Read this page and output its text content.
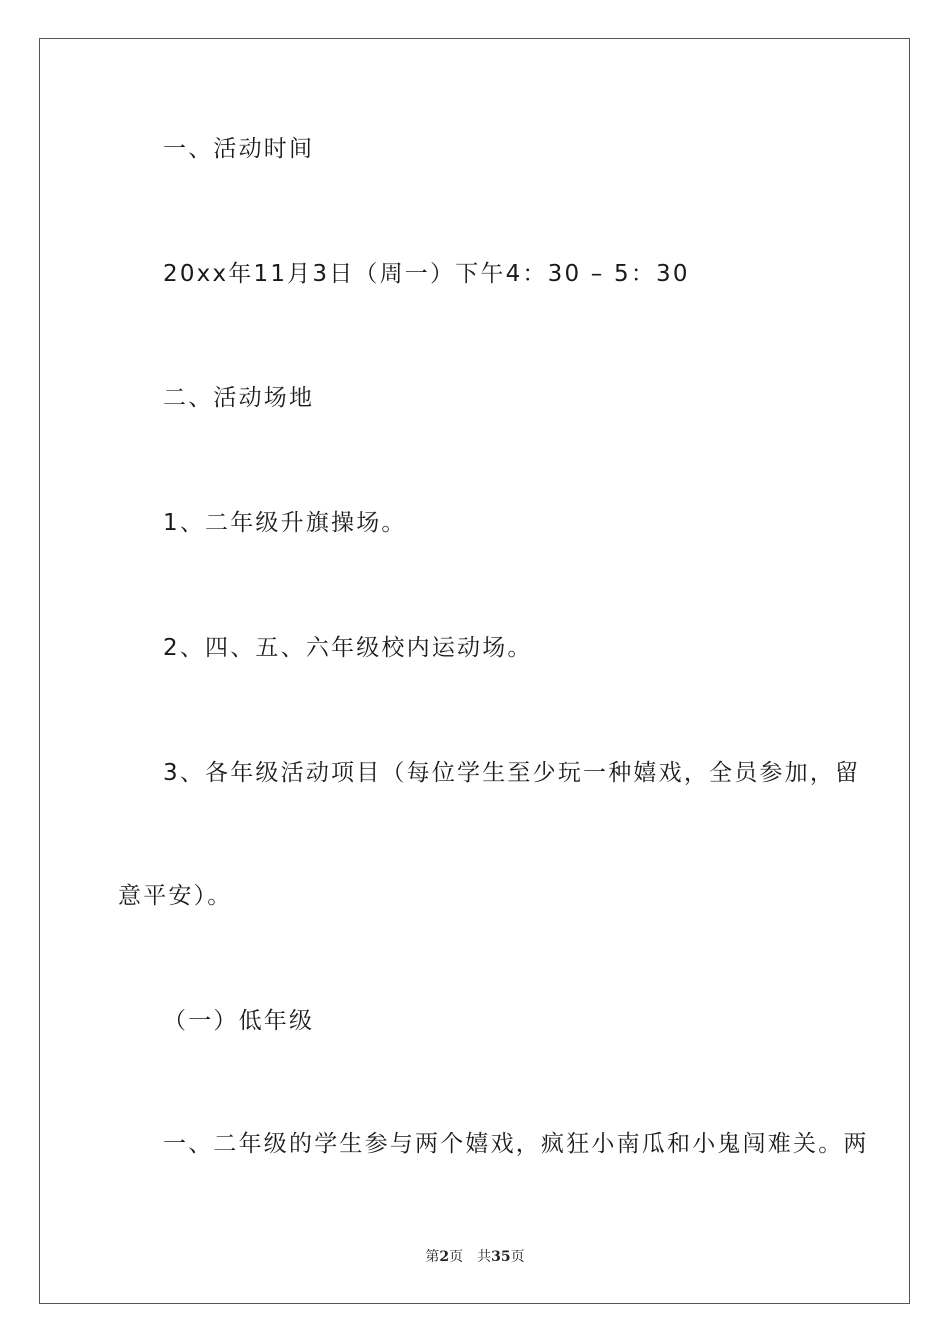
一、活动时间
20xx年11月3日（周一）下午4：30 – 5：30
二、活动场地
1、二年级升旗操场。
2、四、五、六年级校内运动场。
3、各年级活动项目（每位学生至少玩一种嬉戏，全员参加，留
意平安）。
（一）低年级
一、二年级的学生参与两个嬉戏，疯狂小南瓜和小鬼闯难关。两
第2页 共35页
